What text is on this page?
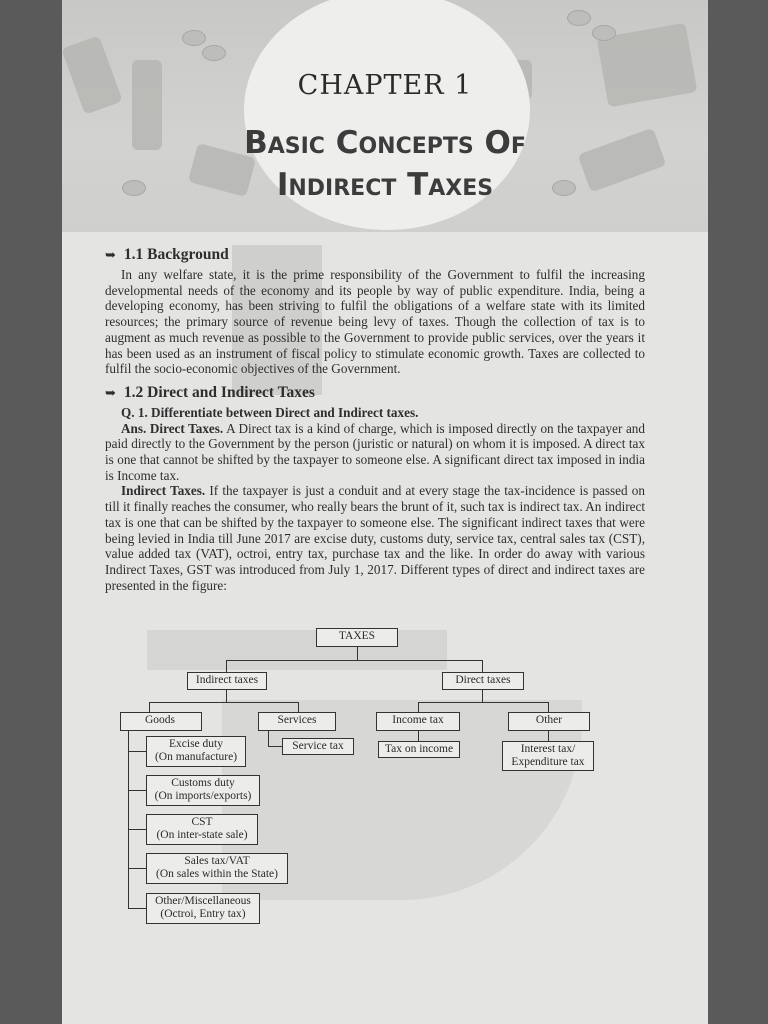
CHAPTER 1
Basic Concepts Of
Indirect Taxes
➥ 1.1 Background

In any welfare state, it is the prime responsibility of the Government to fulfil the increasing developmental needs of the economy and its people by way of public expenditure. India, being a developing economy, has been striving to fulfil the obligations of a welfare state with its limited resources; the primary source of revenue being levy of taxes. Though the collection of tax is to augment as much revenue as possible to the Government to provide public services, over the years it has been used as an instrument of fiscal policy to stimulate economic growth. Taxes are collected to fulfil the socio-economic objectives of the Government.

➥ 1.2 Direct and Indirect Taxes

Q. 1. Differentiate between Direct and Indirect taxes.

Ans. Direct Taxes. A Direct tax is a kind of charge, which is imposed directly on the taxpayer and paid directly to the Government by the person (juristic or natural) on whom it is imposed. A direct tax is one that cannot be shifted by the taxpayer to someone else. A significant direct tax imposed in india is Income tax.

Indirect Taxes. If the taxpayer is just a conduit and at every stage the tax-incidence is passed on till it finally reaches the consumer, who really bears the brunt of it, such tax is indirect tax. An indirect tax is one that can be shifted by the taxpayer to someone else. The significant indirect taxes that were being levied in India till June 2017 are excise duty, customs duty, service tax, central sales tax (CST), value added tax (VAT), octroi, entry tax, purchase tax and the like. In order do away with various Indirect Taxes, GST was introduced from July 1, 2017. Different types of direct and indirect taxes are presented in the figure:

TAXES
Indirect taxes	Direct taxes
Goods	Services	Income tax	Other
Service tax	Tax on income	Interest tax/
Expenditure tax
Excise duty
(On manufacture)
Customs duty
(On imports/exports)
CST
(On inter-state sale)
Sales tax/VAT
(On sales within the State)
Other/Miscellaneous
(Octroi, Entry tax)
